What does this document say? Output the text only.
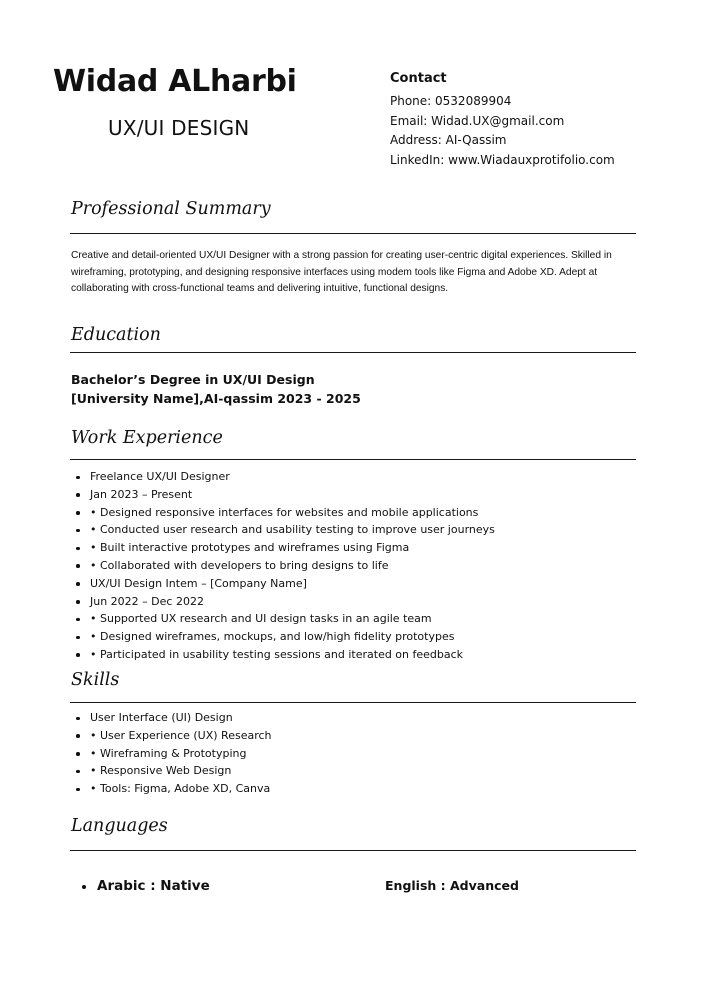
Widad ALharbi
UX/UI DESIGN
Contact
Phone: 0532089904
Email: Widad.UX@gmail.com
Address: AI-Qassim
LinkedIn: www.Wiadauxprotifolio.com
Professional Summary
Creative and detail-oriented UX/UI Designer with a strong passion for creating user-centric digital experiences. Skilled in wireframing, prototyping, and designing responsive interfaces using modem tools like Figma and Adobe XD. Adept at collaborating with cross-functional teams and delivering intuitive, functional designs.
Education
Bachelor’s Degree in UX/UI Design
[University Name],AI-qassim 2023 - 2025
Work Experience
Freelance UX/UI Designer
Jan 2023 – Present
• Designed responsive interfaces for websites and mobile applications
• Conducted user research and usability testing to improve user journeys
• Built interactive prototypes and wireframes using Figma
• Collaborated with developers to bring designs to life
UX/UI Design Intem – [Company Name]
Jun 2022 – Dec 2022
• Supported UX research and UI design tasks in an agile team
• Designed wireframes, mockups, and low/high fidelity prototypes
• Participated in usability testing sessions and iterated on feedback
Skills
User Interface (UI) Design
• User Experience (UX) Research
• Wireframing & Prototyping
• Responsive Web Design
• Tools: Figma, Adobe XD, Canva
Languages
Arabic : Native	English : Advanced
